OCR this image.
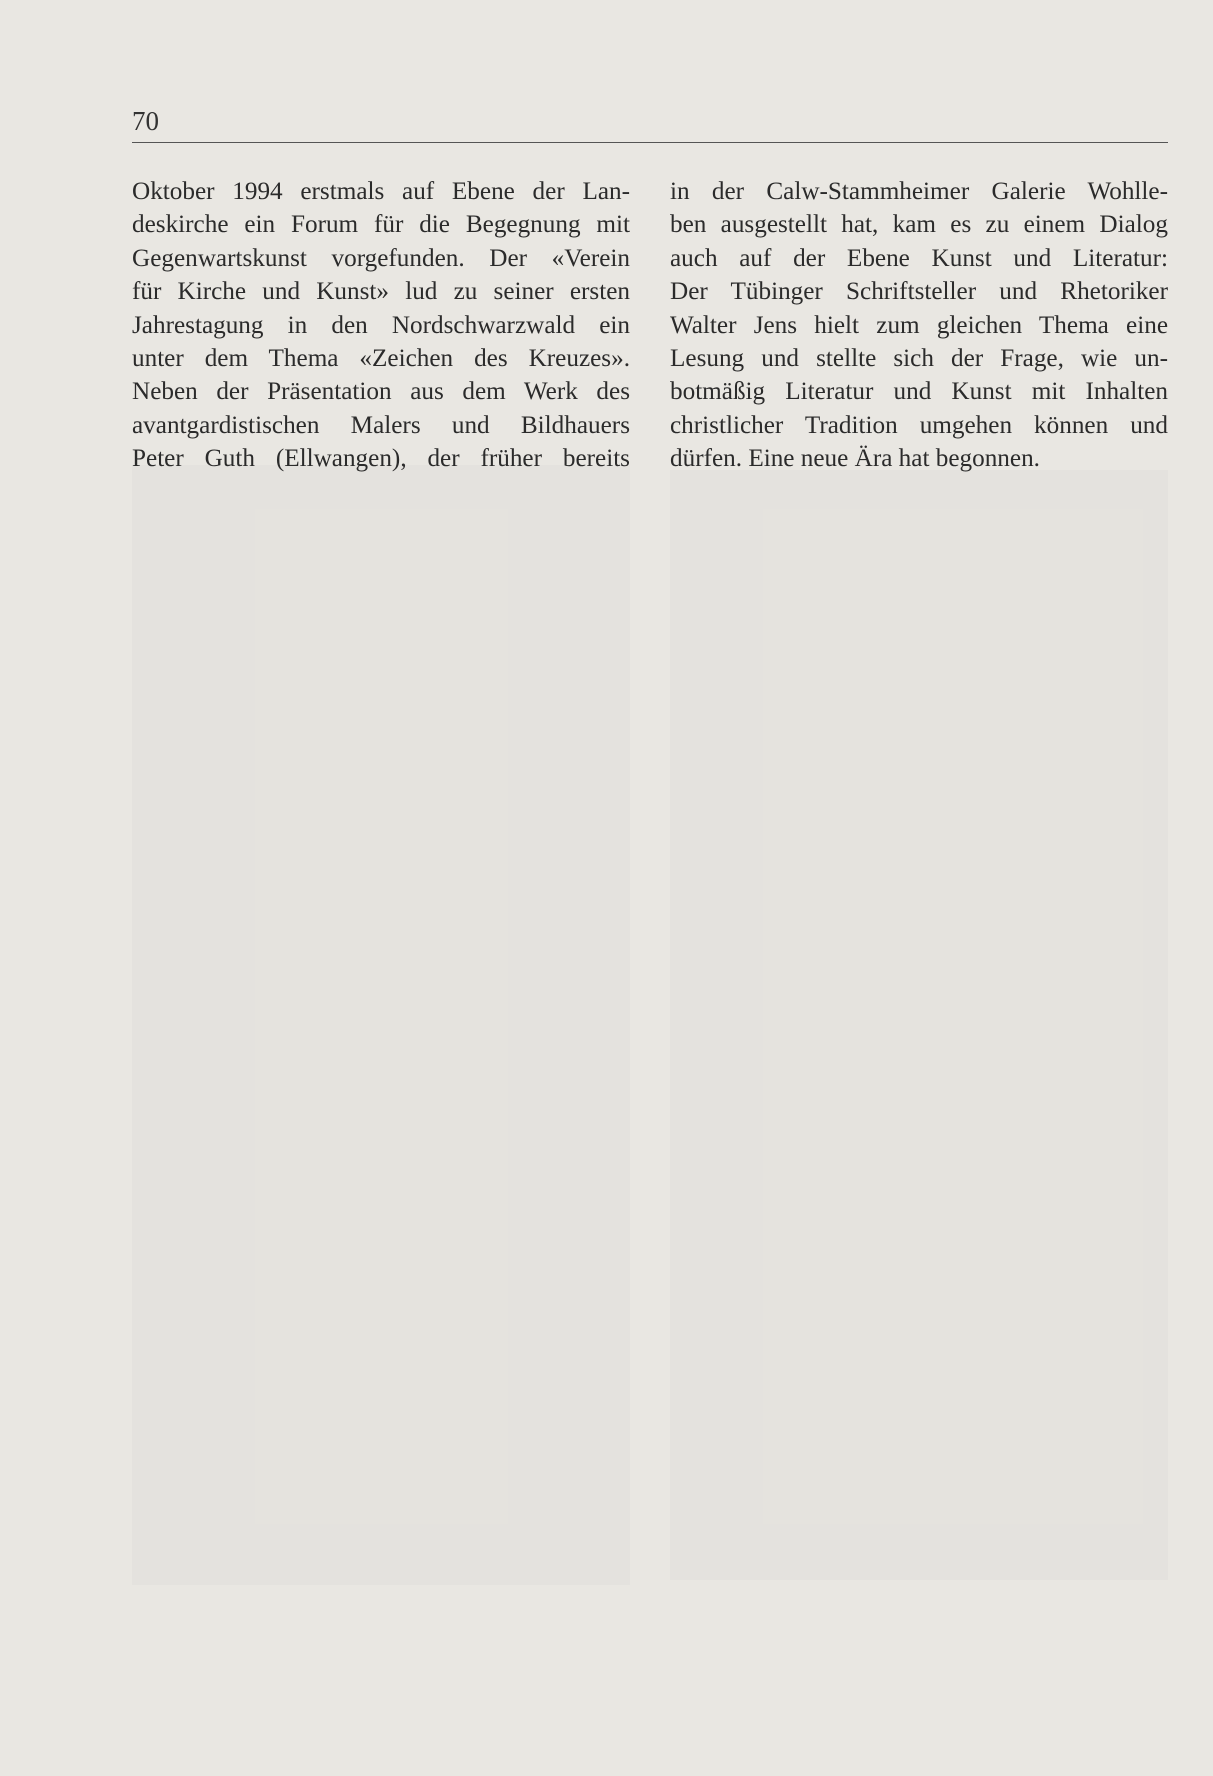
70
Oktober 1994 erstmals auf Ebene der Lan-
deskirche ein Forum für die Begegnung mit
Gegenwartskunst vorgefunden. Der «Verein
für Kirche und Kunst» lud zu seiner ersten
Jahrestagung in den Nordschwarzwald ein
unter dem Thema «Zeichen des Kreuzes».
Neben der Präsentation aus dem Werk des
avantgardistischen Malers und Bildhauers
Peter Guth (Ellwangen), der früher bereits
in der Calw-Stammheimer Galerie Wohlle-
ben ausgestellt hat, kam es zu einem Dialog
auch auf der Ebene Kunst und Literatur:
Der Tübinger Schriftsteller und Rhetoriker
Walter Jens hielt zum gleichen Thema eine
Lesung und stellte sich der Frage, wie un-
botmäßig Literatur und Kunst mit Inhalten
christlicher Tradition umgehen können und
dürfen. Eine neue Ära hat begonnen.
